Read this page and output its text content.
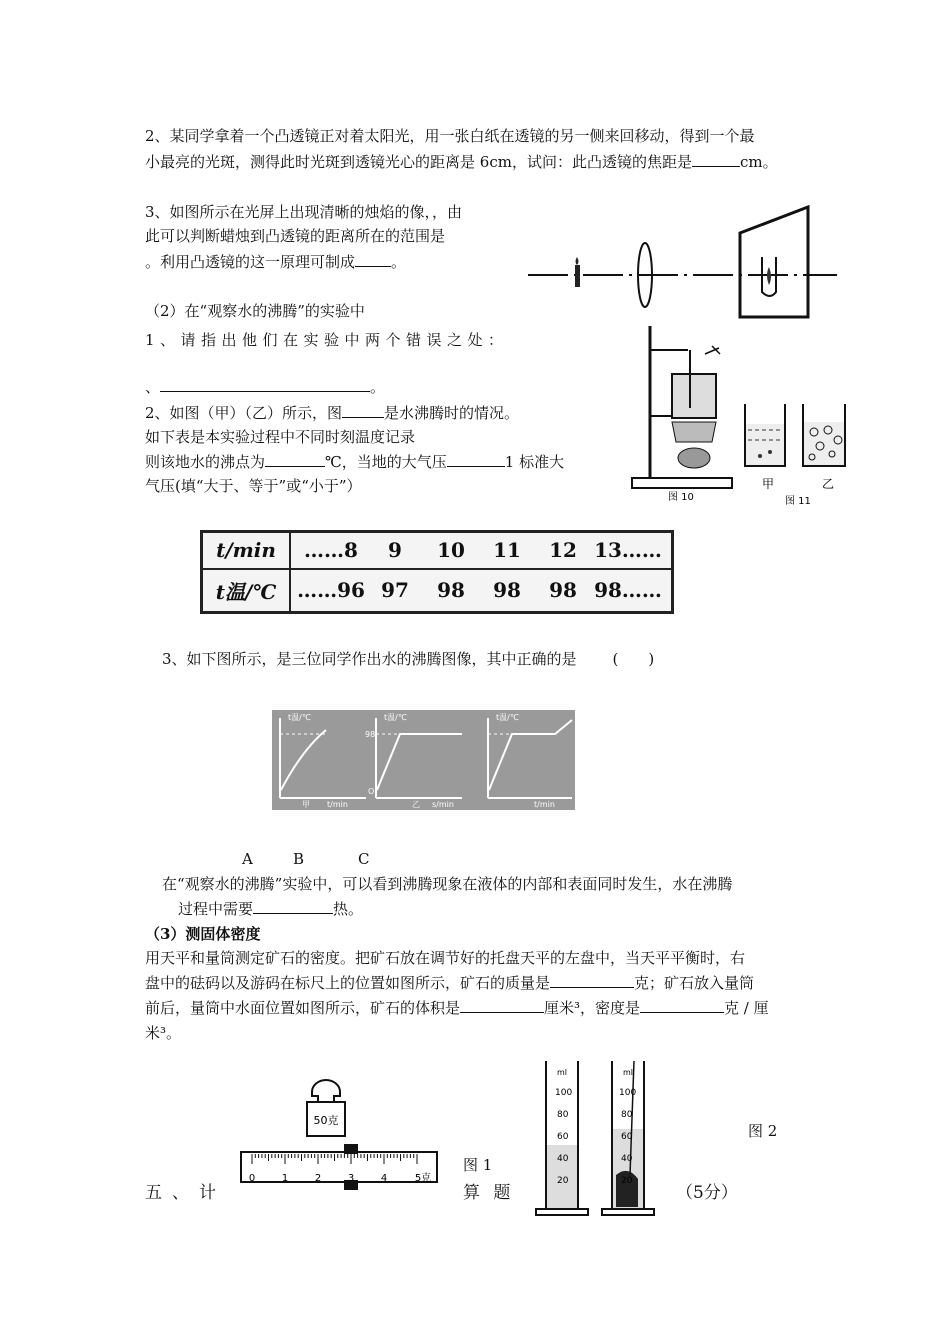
2、某同学拿着一个凸透镜正对着太阳光，用一张白纸在透镜的另一侧来回移动，得到一个最
小最亮的光斑，测得此时光斑到透镜光心的距离是 6cm，试问：此凸透镜的焦距是	cm。
3、如图所示在光屏上出现清晰的烛焰的像，，由
此可以判断蜡烛到凸透镜的距离所在的范围是
。利用凸透镜的这一原理可制成 。
（2）在“观察水的沸腾”的实验中
1、请指出他们在实验中两个错误之处：
、	。
2、如图（甲）（乙）所示，图	是水沸腾时的情况。
如下表是本实验过程中不同时刻温度记录
则该地水的沸点为	℃，当地的大气压	1 标准大
气压(填“大于、等于”或“小于”）
图 10
甲	乙
图 11
t/min	……8 9 10 11 12 13……
t温/℃	……96 97 98 98 98 98……
3、如下图所示，是三位同学作出水的沸腾图像，其中正确的是 (　　)
t温/℃
甲 t/min
t温/℃
98
O
乙 s/min
t温/℃
t/min
A	B	C
在“观察水的沸腾”实验中，可以看到沸腾现象在液体的内部和表面同时发生，水在沸腾
过程中需要	热。
（3）测固体密度
用天平和量筒测定矿石的密度。把矿石放在调节好的托盘天平的左盘中，当天平平衡时，右
盘中的砝码以及游码在标尺上的位置如图所示，矿石的质量是	克；矿石放入量筒
前后，量筒中水面位置如图所示，矿石的体积是	厘米³，密度是	克 / 厘
米³。
50克
0	1	2	3	4	5克
图 1
图 2
ml
100
80
60
40
20
ml
100
80
60
40
20
五、计	算 题	（5分）
